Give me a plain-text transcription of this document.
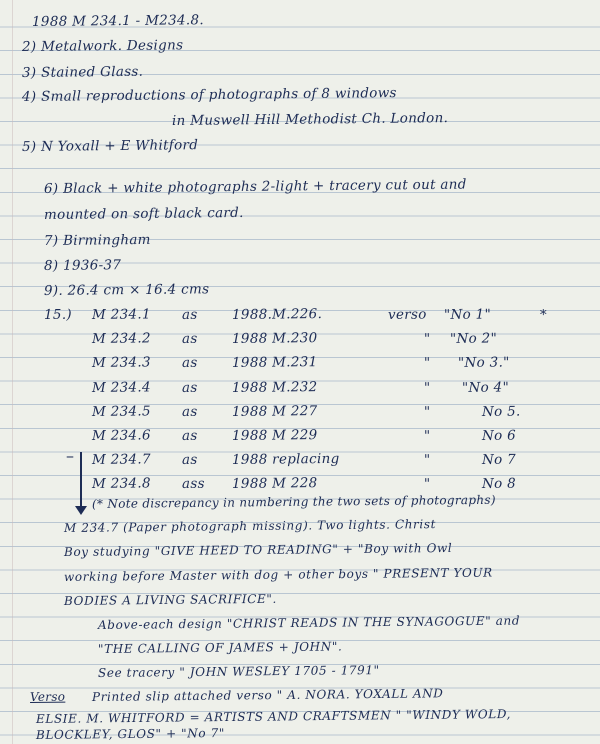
1988 M 234.1 - M234.8.
2) Metalwork. Designs
3) Stained Glass.
4) Small reproductions of photographs of 8 windows
in Muswell Hill Methodist Ch. London.
5) N Yoxall + E Whitford
6) Black + white photographs 2-light + tracery cut out and
mounted on soft black card.
7) Birmingham
8) 1936-37
9). 26.4 cm × 16.4 cms
15.) M 234.1 as	1988.M.226.	verso "No 1"	*
M 234.2 as	1988 M.230	" "No 2"
M 234.3 as	1988 M.231	" "No 3."
M 234.4 as	1988 M.232	" "No 4"
M 234.5 as	1988 M 227	"	No 5.
M 234.6 as	1988 M 229	"	No 6
– M 234.7 as	1988 replacing	"	No 7
M 234.8 ass 1988 M 228	"	No 8
(* Note discrepancy in numbering the two sets of photographs)
M 234.7 (Paper photograph missing). Two lights. Christ
Boy studying "GIVE HEED TO READING" + "Boy with Owl
working before Master with dog + other boys " PRESENT YOUR
BODIES A LIVING SACRIFICE".
Above-each design "CHRIST READS IN THE SYNAGOGUE" and
"THE CALLING OF JAMES + JOHN".
See tracery " JOHN WESLEY 1705 - 1791"
Verso Printed slip attached verso " A. NORA. YOXALL AND
ELSIE. M. WHITFORD = ARTISTS AND CRAFTSMEN " "WINDY WOLD,
BLOCKLEY, GLOS" + "No 7"
